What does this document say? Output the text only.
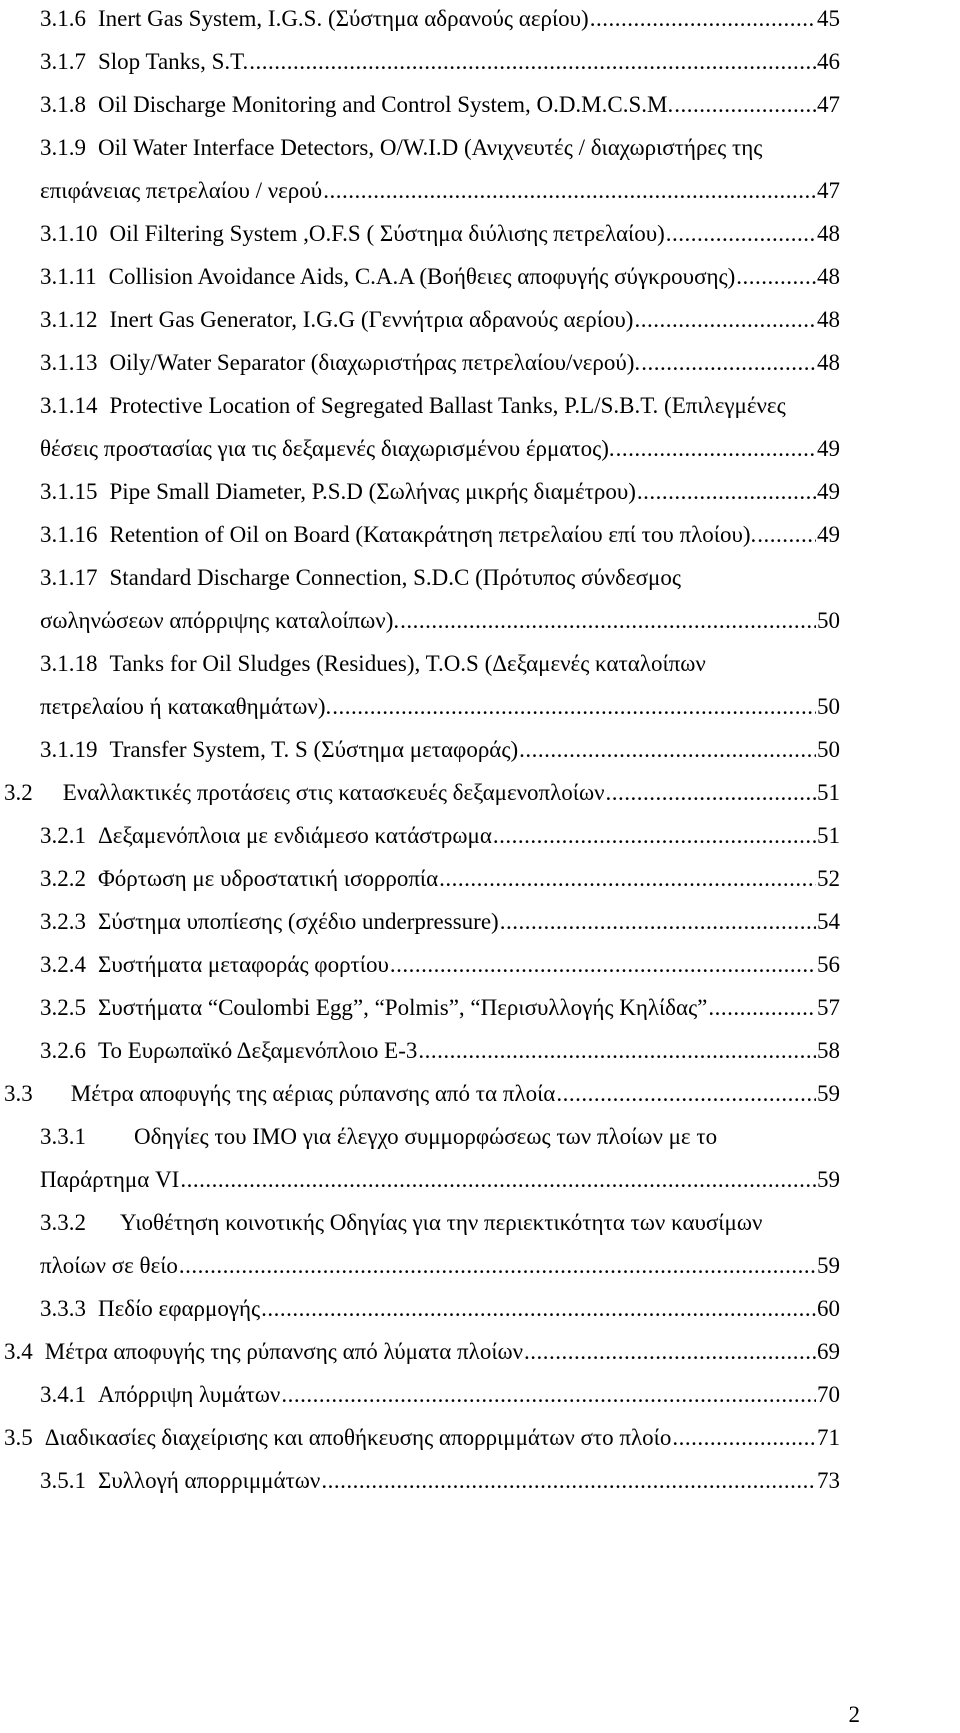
3.1.6 Inert Gas System, I.G.S. (Σύστημα αδρανούς αερίου) .....	45
3.1.7 Slop Tanks, S.T. .....	46
3.1.8 Oil Discharge Monitoring and Control System, O.D.M.C.S.M. .....	47
3.1.9 Oil Water Interface Detectors, O/W.I.D (Ανιχνευτές / διαχωριστήρες της
επιφάνειας πετρελαίου / νερού .....	47
3.1.10 Oil Filtering System ,O.F.S ( Σύστημα διύλισης πετρελαίου) .....	48
3.1.11 Collision Avoidance Aids, C.A.A (Βοήθειες αποφυγής σύγκρουσης) .....	48
3.1.12 Inert Gas Generator, I.G.G (Γεννήτρια αδρανούς αερίου) .....	48
3.1.13 Oily/Water Separator (διαχωριστήρας πετρελαίου/νερού). .....	48
3.1.14 Protective Location of Segregated Ballast Tanks, P.L/S.B.T. (Επιλεγμένες
θέσεις προστασίας για τις δεξαμενές διαχωρισμένου έρματος). .....	49
3.1.15 Pipe Small Diameter, P.S.D (Σωλήνας μικρής διαμέτρου) .....	49
3.1.16 Retention of Oil on Board (Κατακράτηση πετρελαίου επί του πλοίου). .....	49
3.1.17 Standard Discharge Connection, S.D.C (Πρότυπος σύνδεσμος
σωληνώσεων απόρριψης καταλοίπων). .....	50
3.1.18 Tanks for Oil Sludges (Residues), T.O.S (Δεξαμενές καταλοίπων
πετρελαίου ή κατακαθημάτων). .....	50
3.1.19 Transfer System, T. S (Σύστημα μεταφοράς) .....	50
3.2 Εναλλακτικές προτάσεις στις κατασκευές δεξαμενοπλοίων .....	51
3.2.1 Δεξαμενόπλοια με ενδιάμεσο κατάστρωμα .....	51
3.2.2 Φόρτωση με υδροστατική ισορροπία .....	52
3.2.3 Σύστημα υποπίεσης (σχέδιο underpressure) .....	54
3.2.4 Συστήματα μεταφοράς φορτίου .....	56
3.2.5 Συστήματα “Coulombi Egg”, “Polmis”, “Περισυλλογής Κηλίδας” .....	57
3.2.6 Το Ευρωπαϊκό Δεξαμενόπλοιο E-3 .....	58
3.3 Μέτρα αποφυγής της αέριας ρύπανσης από τα πλοία .....	59
3.3.1 Οδηγίες του IMO για έλεγχο συμμορφώσεως των πλοίων με το
Παράρτημα VI .....	59
3.3.2 Υιοθέτηση κοινοτικής Οδηγίας για την περιεκτικότητα των καυσίμων
πλοίων σε θείο .....	59
3.3.3 Πεδίο εφαρμογής .....	60
3.4 Μέτρα αποφυγής της ρύπανσης από λύματα πλοίων .....	69
3.4.1 Απόρριψη λυμάτων .....	70
3.5 Διαδικασίες διαχείρισης και αποθήκευσης απορριμμάτων στο πλοίο .....	71
3.5.1 Συλλογή απορριμμάτων .....	73
2
